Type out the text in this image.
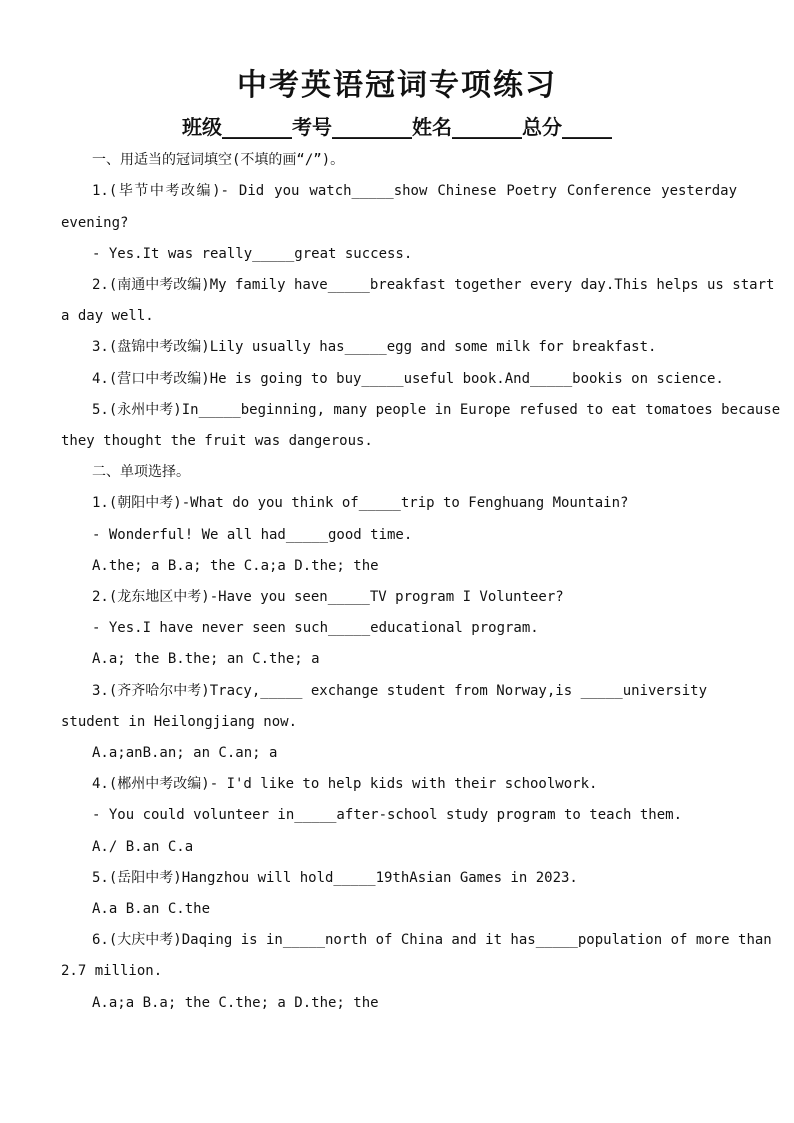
中考英语冠词专项练习
班级_______考号________姓名_______总分_____
一、用适当的冠词填空(不填的画“/”)。
1.(毕节中考改编)- Did you watch_____show Chinese Poetry Conference yesterday
evening?
- Yes.It was really_____great success.
2.(南通中考改编)My family have_____breakfast together every day.This helps us start
a day well.
3.(盘锦中考改编)Lily usually has_____egg and some milk for breakfast.
4.(营口中考改编)He is going to buy_____useful book.And_____bookis on science.
5.(永州中考)In_____beginning, many people in Europe refused to eat tomatoes because
they thought the fruit was dangerous.
二、单项选择。
1.(朝阳中考)-What do you think of_____trip to Fenghuang Mountain?
- Wonderful! We all had_____good time.
A.the; a B.a; the C.a;a D.the; the
2.(龙东地区中考)-Have you seen_____TV program I Volunteer?
- Yes.I have never seen such_____educational program.
A.a; the B.the; an C.the; a
3.(齐齐哈尔中考)Tracy,_____ exchange student from Norway,is _____university
student in Heilongjiang now.
A.a;anB.an; an C.an; a
4.(郴州中考改编)- I'd like to help kids with their schoolwork.
- You could volunteer in_____after-school study program to teach them.
A./ B.an C.a
5.(岳阳中考)Hangzhou will hold_____19thAsian Games in 2023.
A.a B.an C.the
6.(大庆中考)Daqing is in_____north of China and it has_____population of more than
2.7 million.
A.a;a B.a; the C.the; a D.the; the
